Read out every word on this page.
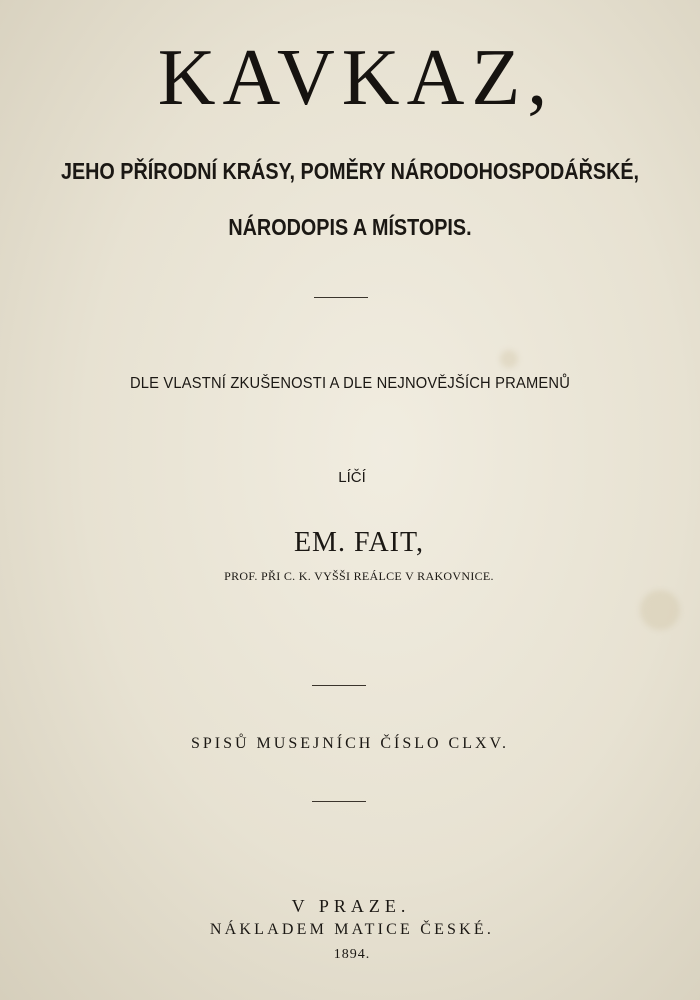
KAVKAZ,
JEHO PŘÍRODNÍ KRÁSY, POMĚRY NÁRODOHOSPODÁŘSKÉ,
NÁRODOPIS A MÍSTOPIS.
DLE VLASTNÍ ZKUŠENOSTI A DLE NEJNOVĚJŠÍCH PRAMENŮ
LÍČÍ
EM. FAIT,
PROF. PŘI C. K. VYŠŠI REÁLCE V RAKOVNICE.
SPISŮ MUSEJNÍCH ČÍSLO CLXV.
V PRAZE.
NÁKLADEM MATICE ČESKÉ.
1894.
